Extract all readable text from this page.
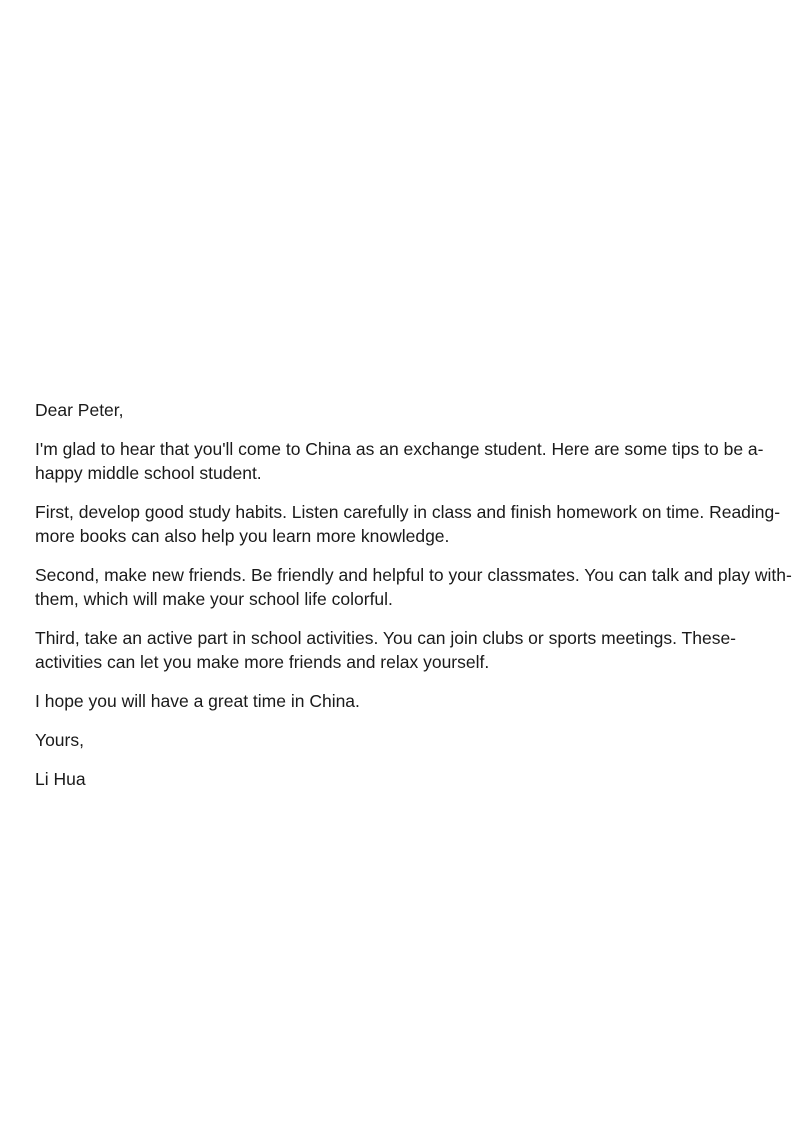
Dear Peter,

I'm glad to hear that you'll come to China as an exchange student. Here are some tips to be a-
happy middle school student.

First, develop good study habits. Listen carefully in class and finish homework on time. Reading-
more books can also help you learn more knowledge.

Second, make new friends. Be friendly and helpful to your classmates. You can talk and play with-
them, which will make your school life colorful.

Third, take an active part in school activities. You can join clubs or sports meetings. These-
activities can let you make more friends and relax yourself.

I hope you will have a great time in China.

Yours,

Li Hua
